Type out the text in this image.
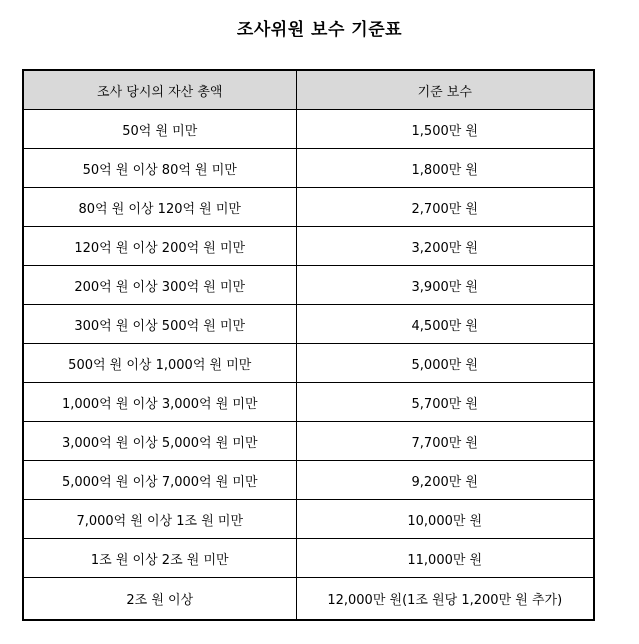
조사위원 보수 기준표
조사 당시의 자산 총액	기준 보수
50억 원 미만	1,500만 원
50억 원 이상 80억 원 미만	1,800만 원
80억 원 이상 120억 원 미만	2,700만 원
120억 원 이상 200억 원 미만	3,200만 원
200억 원 이상 300억 원 미만	3,900만 원
300억 원 이상 500억 원 미만	4,500만 원
500억 원 이상 1,000억 원 미만	5,000만 원
1,000억 원 이상 3,000억 원 미만	5,700만 원
3,000억 원 이상 5,000억 원 미만	7,700만 원
5,000억 원 이상 7,000억 원 미만	9,200만 원
7,000억 원 이상 1조 원 미만	10,000만 원
1조 원 이상 2조 원 미만	11,000만 원
2조 원 이상	12,000만 원(1조 원당 1,200만 원 추가)
